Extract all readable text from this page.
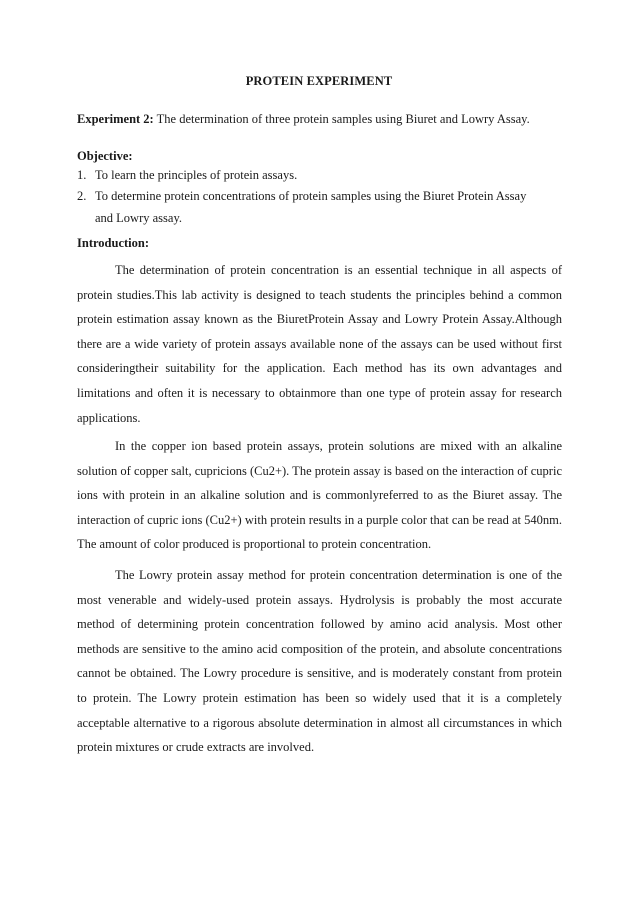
PROTEIN EXPERIMENT
Experiment 2: The determination of three protein samples using Biuret and Lowry Assay.
Objective:
1. To learn the principles of protein assays.
2. To determine protein concentrations of protein samples using the Biuret Protein Assay and Lowry assay.
Introduction:
The determination of protein concentration is an essential technique in all aspects of protein studies.This lab activity is designed to teach students the principles behind a common protein estimation assay known as the BiuretProtein Assay and Lowry Protein Assay.Although there are a wide variety of protein assays available none of the assays can be used without first consideringtheir suitability for the application. Each method has its own advantages and limitations and often it is necessary to obtainmore than one type of protein assay for research applications.
In the copper ion based protein assays, protein solutions are mixed with an alkaline solution of copper salt, cupricions (Cu2+). The protein assay is based on the interaction of cupric ions with protein in an alkaline solution and is commonlyreferred to as the Biuret assay. The interaction of cupric ions (Cu2+) with protein results in a purple color that can be read at 540nm. The amount of color produced is proportional to protein concentration.
The Lowry protein assay method for protein concentration determination is one of the most venerable and widely-used protein assays. Hydrolysis is probably the most accurate method of determining protein concentration followed by amino acid analysis. Most other methods are sensitive to the amino acid composition of the protein, and absolute concentrations cannot be obtained. The Lowry procedure is sensitive, and is moderately constant from protein to protein. The Lowry protein estimation has been so widely used that it is a completely acceptable alternative to a rigorous absolute determination in almost all circumstances in which protein mixtures or crude extracts are involved.
